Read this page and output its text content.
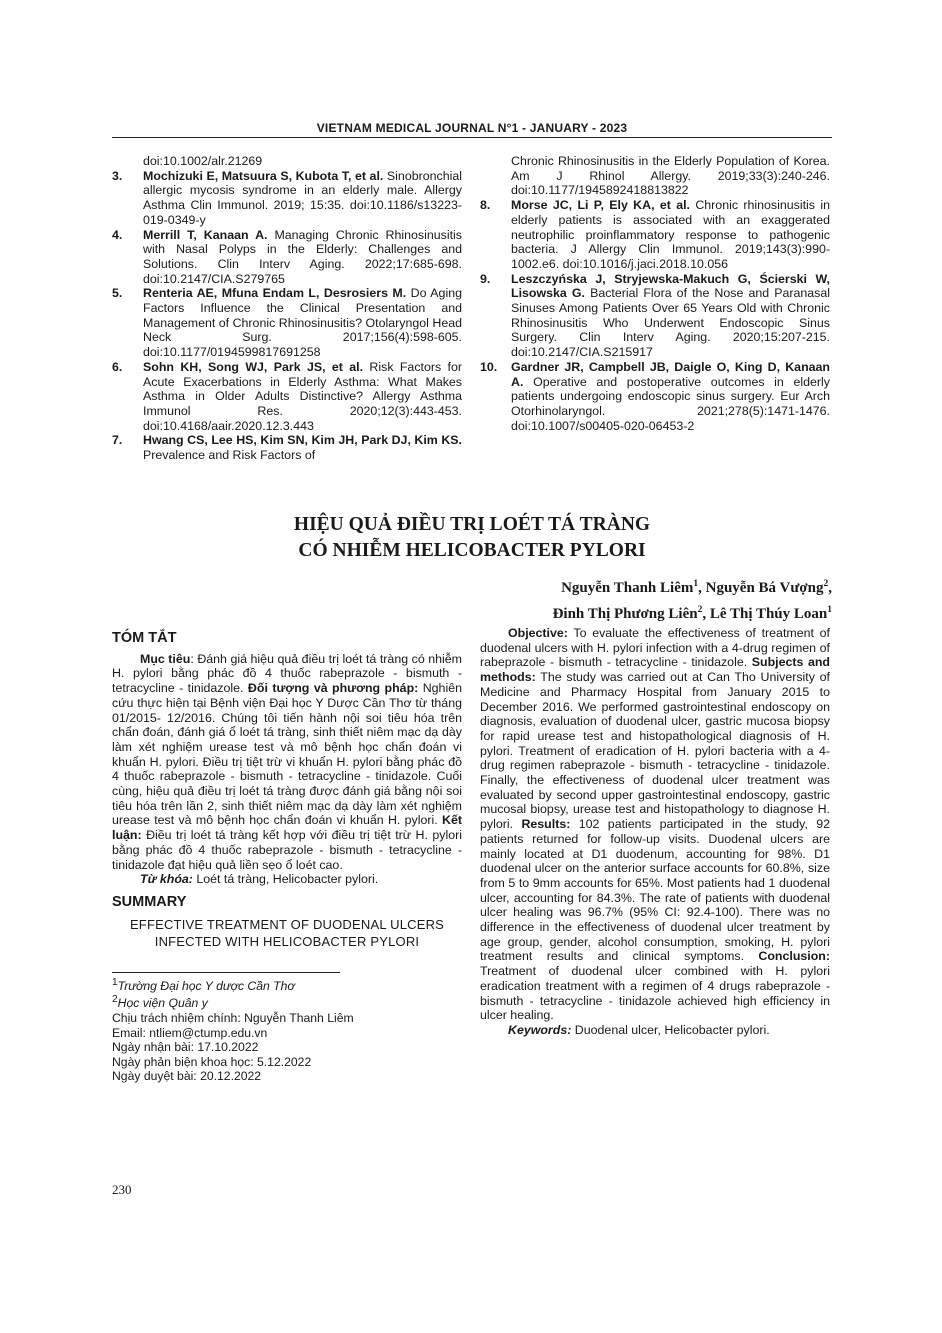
VIETNAM MEDICAL JOURNAL N°1 - JANUARY - 2023
doi:10.1002/alr.21269
3. Mochizuki E, Matsuura S, Kubota T, et al. Sinobronchial allergic mycosis syndrome in an elderly male. Allergy Asthma Clin Immunol. 2019; 15:35. doi:10.1186/s13223-019-0349-y
4. Merrill T, Kanaan A. Managing Chronic Rhinosinusitis with Nasal Polyps in the Elderly: Challenges and Solutions. Clin Interv Aging. 2022;17:685-698. doi:10.2147/CIA.S279765
5. Renteria AE, Mfuna Endam L, Desrosiers M. Do Aging Factors Influence the Clinical Presentation and Management of Chronic Rhinosinusitis? Otolaryngol Head Neck Surg. 2017;156(4):598-605. doi:10.1177/0194599817691258
6. Sohn KH, Song WJ, Park JS, et al. Risk Factors for Acute Exacerbations in Elderly Asthma: What Makes Asthma in Older Adults Distinctive? Allergy Asthma Immunol Res. 2020;12(3):443-453. doi:10.4168/aair.2020.12.3.443
7. Hwang CS, Lee HS, Kim SN, Kim JH, Park DJ, Kim KS. Prevalence and Risk Factors of
Chronic Rhinosinusitis in the Elderly Population of Korea. Am J Rhinol Allergy. 2019;33(3):240-246. doi:10.1177/1945892418813822
8. Morse JC, Li P, Ely KA, et al. Chronic rhinosinusitis in elderly patients is associated with an exaggerated neutrophilic proinflammatory response to pathogenic bacteria. J Allergy Clin Immunol. 2019;143(3):990-1002.e6. doi:10.1016/j.jaci.2018.10.056
9. Leszczyńska J, Stryjewska-Makuch G, Ścierski W, Lisowska G. Bacterial Flora of the Nose and Paranasal Sinuses Among Patients Over 65 Years Old with Chronic Rhinosinusitis Who Underwent Endoscopic Sinus Surgery. Clin Interv Aging. 2020;15:207-215. doi:10.2147/CIA.S215917
10. Gardner JR, Campbell JB, Daigle O, King D, Kanaan A. Operative and postoperative outcomes in elderly patients undergoing endoscopic sinus surgery. Eur Arch Otorhinolaryngol. 2021;278(5):1471-1476. doi:10.1007/s00405-020-06453-2
HIỆU QUẢ ĐIỀU TRỊ LOÉT TÁ TRÀNG
CÓ NHIỄM HELICOBACTER PYLORI
Nguyễn Thanh Liêm$^1$, Nguyễn Bá Vượng$^2$,
Đinh Thị Phương Liên$^2$, Lê Thị Thúy Loan$^1$
TÓM TẮT

Mục tiêu: Đánh giá hiệu quả điều trị loét tá tràng có nhiễm H. pylori bằng phác đồ 4 thuốc rabeprazole - bismuth - tetracycline - tinidazole. Đối tượng và phương pháp: Nghiên cứu thực hiện tại Bệnh viện Đại học Y Dược Cần Thơ từ tháng 01/2015- 12/2016. Chúng tôi tiến hành nội soi tiêu hóa trên chẩn đoán, đánh giá ổ loét tá tràng, sinh thiết niêm mạc dạ dày làm xét nghiệm urease test và mô bệnh học chẩn đoán vi khuẩn H. pylori. Điều trị tiệt trừ vi khuẩn H. pylori bằng phác đồ 4 thuốc rabeprazole - bismuth - tetracycline - tinidazole. Cuối cùng, hiệu quả điều trị loét tá tràng được đánh giá bằng nội soi tiêu hóa trên lần 2, sinh thiết niêm mạc dạ dày làm xét nghiệm urease test và mô bệnh học chẩn đoán vi khuẩn H. pylori. Kết luận: Điều trị loét tá tràng kết hợp với điều trị tiệt trừ H. pylori bằng phác đồ 4 thuốc rabeprazole - bismuth - tetracycline - tinidazole đạt hiệu quả liền sẹo ổ loét cao.

Từ khóa: Loét tá tràng, Helicobacter pylori.

SUMMARY
EFFECTIVE TREATMENT OF DUODENAL ULCERS
INFECTED WITH HELICOBACTER PYLORI
$^1$Trường Đại học Y dược Cần Thơ
$^2$Học viện Quân y
Chịu trách nhiệm chính: Nguyễn Thanh Liêm
Email: ntliem@ctump.edu.vn
Ngày nhận bài: 17.10.2022
Ngày phản biện khoa học: 5.12.2022
Ngày duyệt bài: 20.12.2022

Objective: To evaluate the effectiveness of treatment of duodenal ulcers with H. pylori infection with a 4-drug regimen of rabeprazole - bismuth - tetracycline - tinidazole. Subjects and methods: The study was carried out at Can Tho University of Medicine and Pharmacy Hospital from January 2015 to December 2016. We performed gastrointestinal endoscopy on diagnosis, evaluation of duodenal ulcer, gastric mucosa biopsy for rapid urease test and histopathological diagnosis of H. pylori. Treatment of eradication of H. pylori bacteria with a 4-drug regimen rabeprazole - bismuth - tetracycline - tinidazole. Finally, the effectiveness of duodenal ulcer treatment was evaluated by second upper gastrointestinal endoscopy, gastric mucosal biopsy, urease test and histopathology to diagnose H. pylori. Results: 102 patients participated in the study, 92 patients returned for follow-up visits. Duodenal ulcers are mainly located at D1 duodenum, accounting for 98%. D1 duodenal ulcer on the anterior surface accounts for 60.8%, size from 5 to 9mm accounts for 65%. Most patients had 1 duodenal ulcer, accounting for 84.3%. The rate of patients with duodenal ulcer healing was 96.7% (95% CI: 92.4-100). There was no difference in the effectiveness of duodenal ulcer treatment by age group, gender, alcohol consumption, smoking, H. pylori treatment results and clinical symptoms. Conclusion: Treatment of duodenal ulcer combined with H. pylori eradication treatment with a regimen of 4 drugs rabeprazole - bismuth - tetracycline - tinidazole achieved high efficiency in ulcer healing.

Keywords: Duodenal ulcer, Helicobacter pylori.

230
